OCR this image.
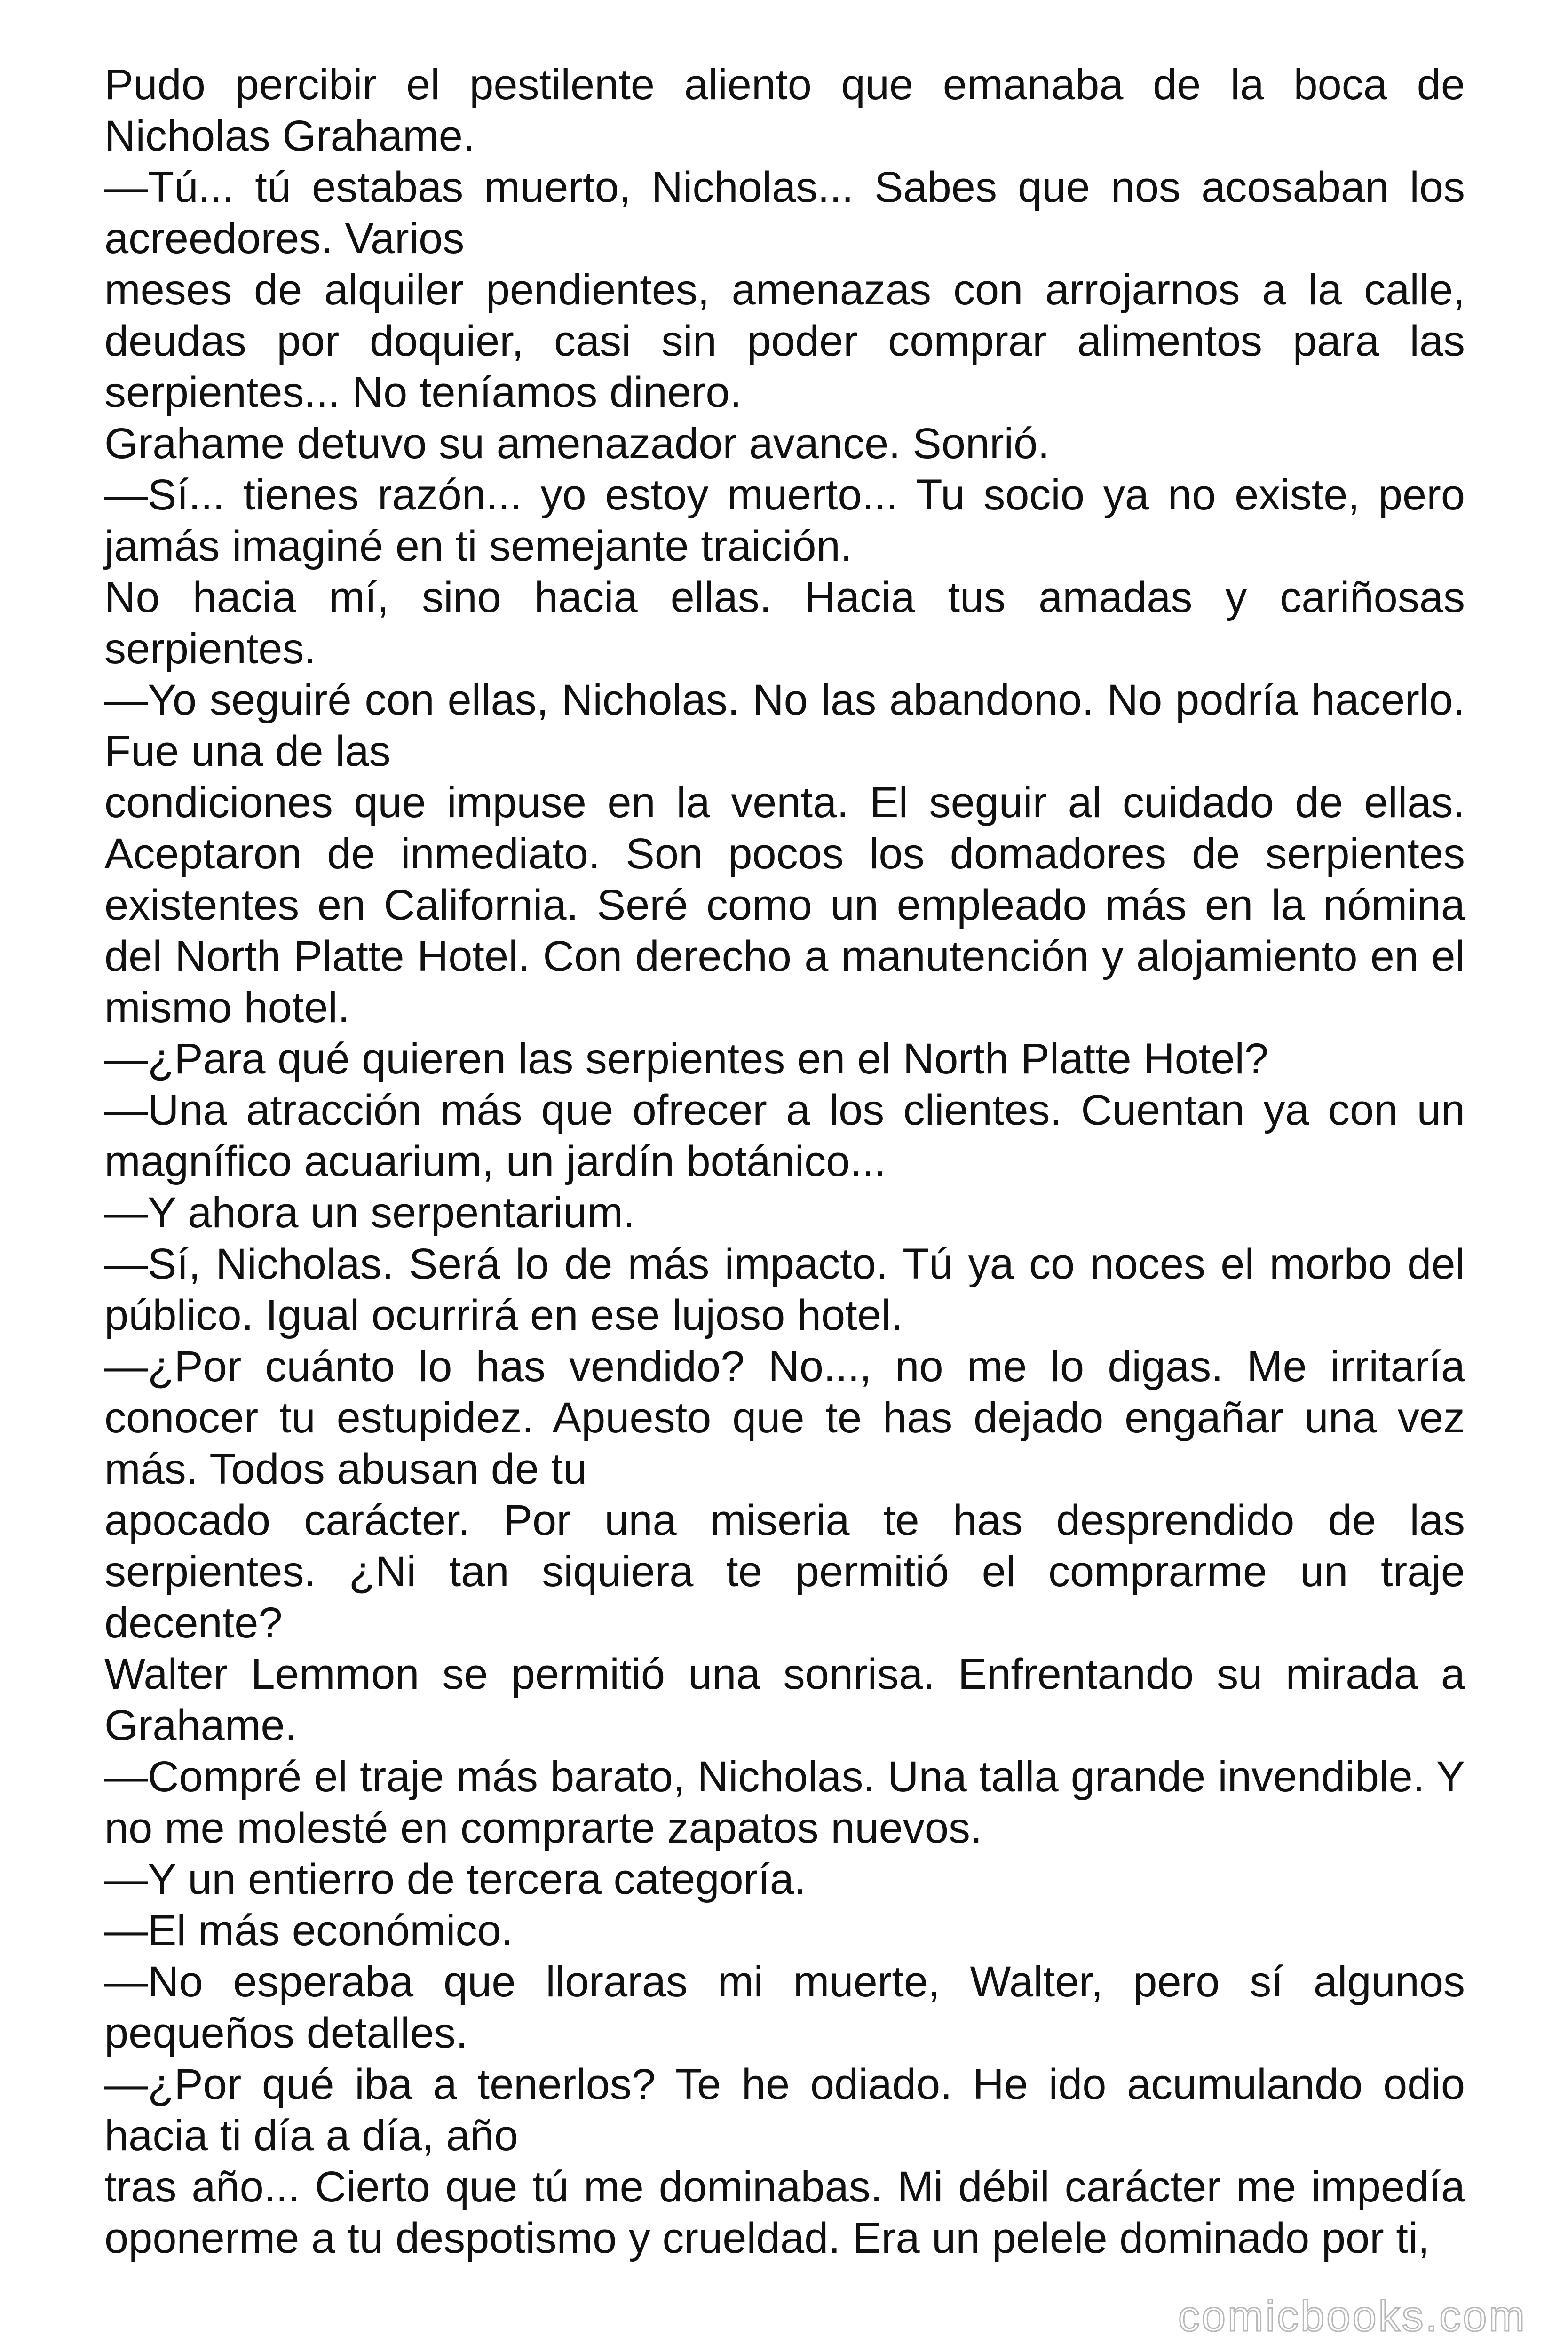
Pudo percibir el pestilente aliento que emanaba de la boca de Nicholas Grahame.

—Tú... tú estabas muerto, Nicholas... Sabes que nos acosaban los acreedores. Varios

meses de alquiler pendientes, amenazas con arrojarnos a la calle, deudas por doquier, casi sin poder comprar alimentos para las serpientes... No teníamos dinero.

Grahame detuvo su amenazador avance. Sonrió.

—Sí... tienes razón... yo estoy muerto... Tu socio ya no existe, pero jamás imaginé en ti semejante traición.

No hacia mí, sino hacia ellas. Hacia tus amadas y cariñosas serpientes.

—Yo seguiré con ellas, Nicholas. No las abandono. No podría hacerlo. Fue una de las

condiciones que impuse en la venta. El seguir al cuidado de ellas. Aceptaron de inmediato. Son pocos los domadores de serpientes existentes en California. Seré como un empleado más en la nómina del North Platte Hotel. Con derecho a manutención y alojamiento en el mismo hotel.

—¿Para qué quieren las serpientes en el North Platte Hotel?

—Una atracción más que ofrecer a los clientes. Cuentan ya con un magnífico acuarium, un jardín botánico...

—Y ahora un serpentarium.

—Sí, Nicholas. Será lo de más impacto. Tú ya co noces el morbo del público. Igual ocurrirá en ese lujoso hotel.

—¿Por cuánto lo has vendido? No..., no me lo digas. Me irritaría conocer tu estupidez. Apuesto que te has dejado engañar una vez más. Todos abusan de tu

apocado carácter. Por una miseria te has desprendido de las serpientes. ¿Ni tan siquiera te permitió el comprarme un traje decente?

Walter Lemmon se permitió una sonrisa. Enfrentando su mirada a Grahame.

—Compré el traje más barato, Nicholas. Una talla grande invendible. Y no me molesté en comprarte zapatos nuevos.

—Y un entierro de tercera categoría.

—El más económico.

—No esperaba que lloraras mi muerte, Walter, pero sí algunos pequeños detalles.

—¿Por qué iba a tenerlos? Te he odiado. He ido acumulando odio hacia ti día a día, año

tras año... Cierto que tú me dominabas. Mi débil carácter me impedía oponerme a tu despotismo y crueldad. Era un pelele dominado por ti,

comicbooks.com
